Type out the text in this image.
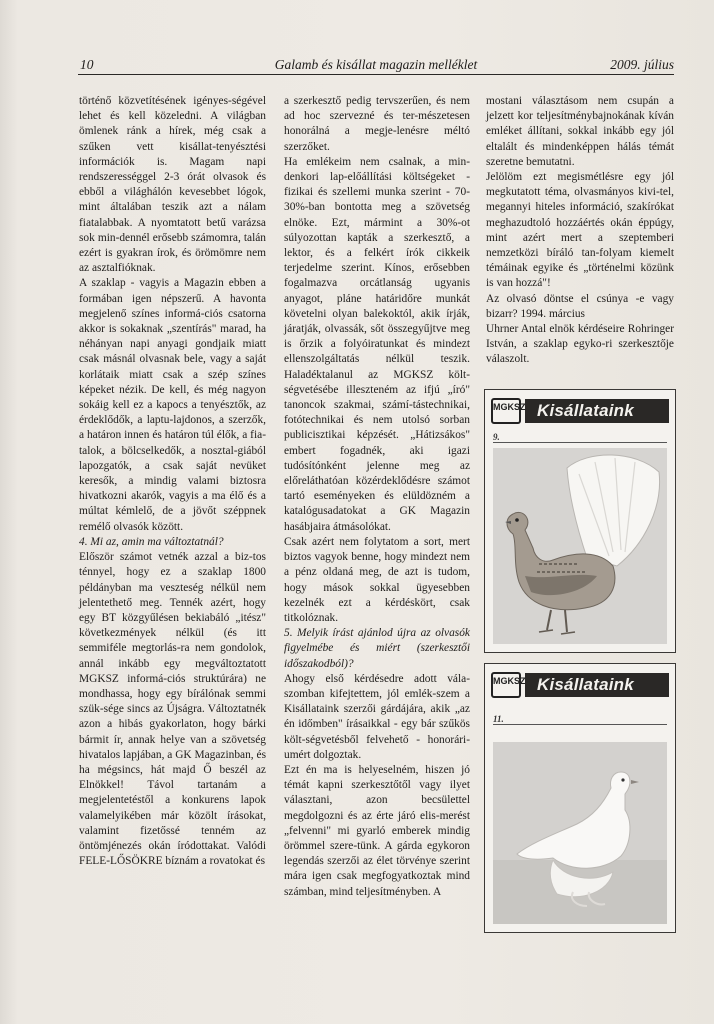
10	Galamb és kisállat magazin melléklet	2009. július

történő közvetítésének igényes-ségével lehet és kell közeledni. A világban ömlenek ránk a hírek, még csak a szűken vett kisállat-tenyésztési információk is. Magam napi rendszerességgel 2-3 órát olvasok és ebből a világhálón kevesebbet lógok, mint általában teszik azt a nálam fiatalabbak. A nyomtatott betű varázsa sok min-dennél erősebb számomra, talán ezért is gyakran írok, és örömömre nem az asztalfióknak.

A szaklap - vagyis a Magazin ebben a formában igen népszerű. A havonta megjelenő színes informá-ciós csatorna akkor is sokaknak „szentírás" marad, ha néhányan napi anyagi gondjaik miatt csak másnál olvasnak bele, vagy a saját korlátaik miatt csak a szép színes képeket nézik. De kell, és még nagyon sokáig kell ez a kapocs a tenyésztők, az érdeklődők, a laptu-lajdonos, a szerzők, a határon innen és határon túl élők, a fia-talok, a bölcselkedők, a nosztal-giából lapozgatók, a csak saját nevüket keresők, a mindig valami biztosra hivatkozni akarók, vagyis a ma élő és a múltat kémlelő, de a jövőt széppnek remélő olvasók között.

4. Mi az, amin ma változtatnál?

Először számot vetnék azzal a biz-tos ténnyel, hogy ez a szaklap 1800 példányban ma veszteség nélkül nem jelentethető meg. Tennék azért, hogy egy BT közgyűlésen bekiabáló „itész" következmények nélkül (és itt semmiféle megtorlás-ra nem gondolok, annál inkább egy megváltoztatott MGKSZ informá-ciós struktúrára) ne mondhassa, hogy egy bírálónak semmi szük-sége sincs az Újságra. Változtatnék azon a hibás gyakorlaton, hogy bárki bármit ír, annak helye van a szövetség hivatalos lapjában, a GK Magazinban, és ha mégsincs, hát majd Ő beszél az Elnökkel! Távol tartanám a megjelentetéstől a konkurens lapok valamelyikében már közölt írásokat, valamint fizetőssé tenném az öntömjénezés okán íródottakat. Valódi FELE-LŐSÖKRE bíznám a rovatokat és

a szerkesztő pedig tervszerűen, és nem ad hoc szervezné és ter-mészetesen honorálná a megje-lenésre méltó szerzőket.

Ha emlékeim nem csalnak, a min-denkori lap-előállítási költségeket - fizikai és szellemi munka szerint - 70-30%-ban bontotta meg a szövetség elnöke. Ezt, mármint a 30%-ot súlyozottan kapták a szerkesztő, a lektor, és a felkért írók cikkeik terjedelme szerint. Kínos, erősebben fogalmazva orcátlanság ugyanis anyagot, pláne határidőre munkát követelni olyan balekoktól, akik írják, járatják, olvassák, sőt összegyűjtve meg is őrzik a folyóiratunkat és mindezt ellenszolgáltatás nélkül teszik. Haladéktalanul az MGKSZ költ-ségvetésébe illeszteném az ifjú „író" tanoncok szakmai, számí-tástechnikai, fotótechnikai és nem utolsó sorban publicisztikai képzését. „Hátizsákos" embert fogadnék, aki igazi tudósítónként jelenne meg az előreláthatóan közérdeklődésre számot tartó eseményeken és elüldözném a katalógusadatokat a GK Magazin hasábjaira átmásolókat.

Csak azért nem folytatom a sort, mert biztos vagyok benne, hogy mindezt nem a pénz oldaná meg, de azt is tudom, hogy mások sokkal ügyesebben kezelnék ezt a kérdéskört, csak titkolóznak.

5. Melyik írást ajánlod újra az olvasók figyelmébe és miért (szerkesztői időszakodból)?

Ahogy első kérdésedre adott vála-szomban kifejtettem, jól emlék-szem a Kisállataink szerzői gárdájára, akik „az én időmben" írásaikkal - egy bár szűkös költ-ségvetésből felvehető - honorári-umért dolgoztak.

Ezt én ma is helyeselném, hiszen jó témát kapni szerkesztőtől vagy ilyet választani, azon becsülettel megdolgozni és az érte járó elis-merést „felvenni" mi gyarló emberek mindig örömmel szere-tünk. A gárda egykoron legendás szerzői az élet törvénye szerint mára igen csak megfogyatkoztak mind számban, mind teljesítményben. A

mostani választásom nem csupán a jelzett kor teljesítménybajnokának kíván emléket állítani, sokkal inkább egy jól eltalált és mindenképpen hálás témát szeretne bemutatni.

Jelölöm ezt megismétlésre egy jól megkutatott téma, olvasmányos kivi-tel, megannyi hiteles információ, szakírókat meghazudtoló hozzáértés okán éppúgy, mint azért mert a szeptemberi nemzetközi bíráló tan-folyam kiemelt témáinak egyike és „történelmi közünk is van hozzá"!

Az olvasó döntse el csúnya -e vagy bizarr? 1994. március

Uhrner Antal elnök kérdéseire Rohringer István, a szaklap egyko-ri szerkesztője válaszolt.

MGKSZ Kisállataink
9.
MGKSZ Kisállataink
11.
